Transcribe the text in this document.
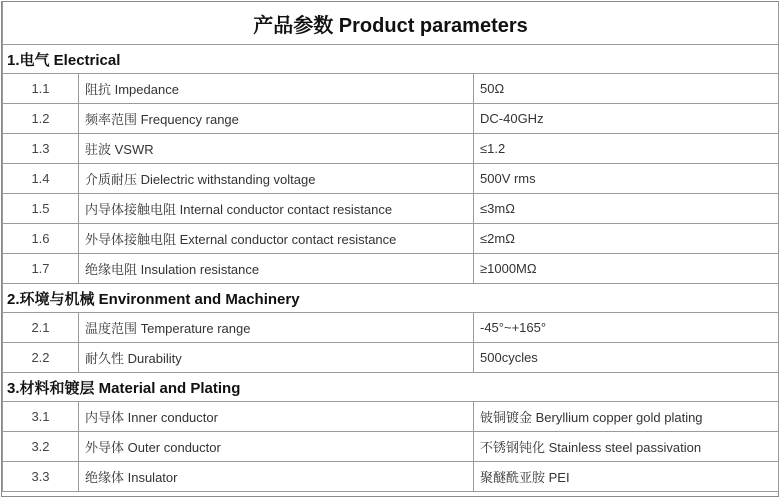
产品参数 Product parameters		
1.电气 Electrical		
1.1	阻抗 Impedance	50Ω
1.2	频率范围 Frequency range	DC-40GHz
1.3	驻波 VSWR	≤1.2
1.4	介质耐压 Dielectric withstanding voltage	500V rms
1.5	内导体接触电阻 Internal conductor contact resistance	≤3mΩ
1.6	外导体接触电阻 External conductor contact resistance	≤2mΩ
1.7	绝缘电阻 Insulation resistance	≥1000MΩ
2.环境与机械 Environment and Machinery		
2.1	温度范围 Temperature range	-45°~+165°
2.2	耐久性 Durability	500cycles
3.材料和镀层 Material and Plating		
3.1	内导体 Inner conductor	铍铜镀金 Beryllium copper gold plating
3.2	外导体 Outer conductor	不锈钢钝化 Stainless steel passivation
3.3	绝缘体 Insulator	聚醚酰亚胺 PEI
